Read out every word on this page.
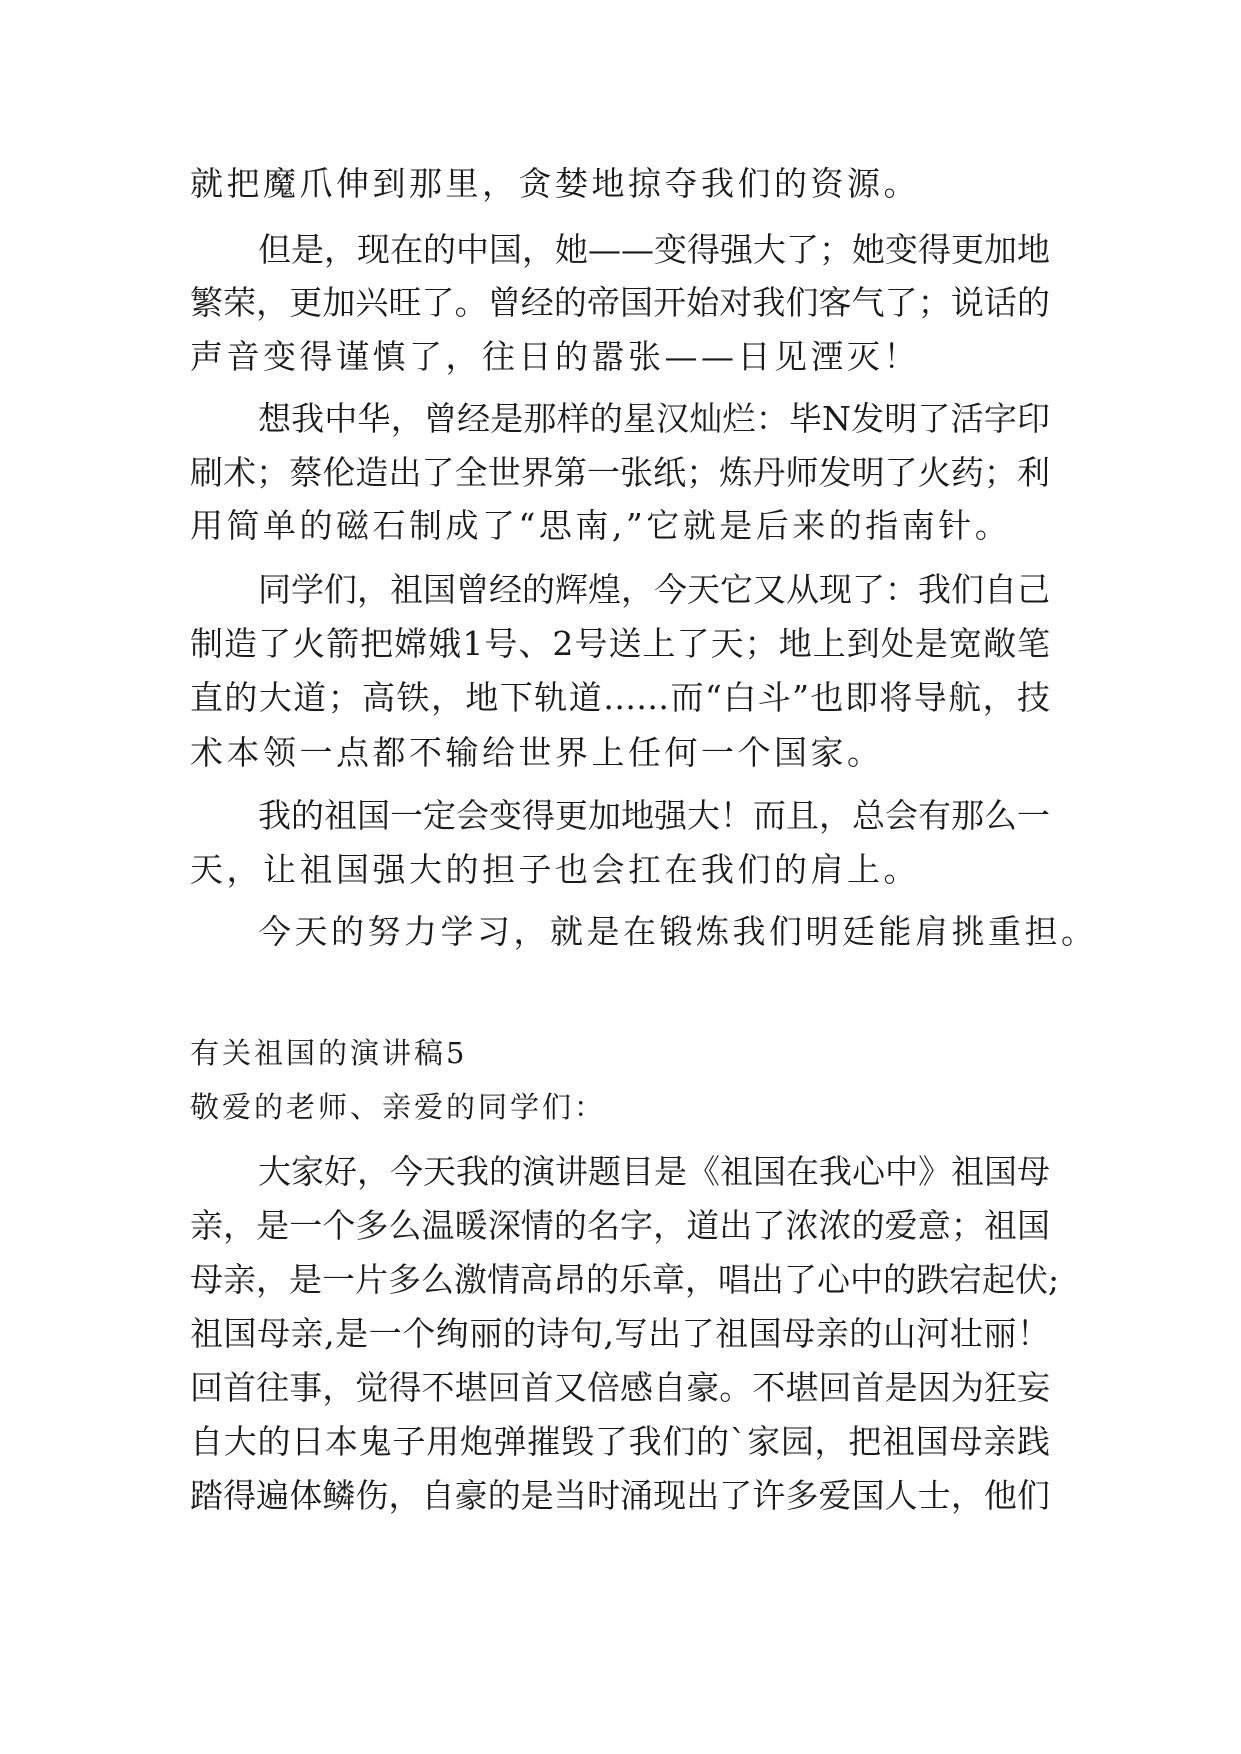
就把魔爪伸到那里，贪婪地掠夺我们的资源。
但是，现在的中国，她——变得强大了；她变得更加地
繁荣，更加兴旺了。曾经的帝国开始对我们客气了；说话的
声音变得谨慎了，往日的嚣张——日见湮灭！
想我中华，曾经是那样的星汉灿烂：毕N发明了活字印
刷术；蔡伦造出了全世界第一张纸；炼丹师发明了火药；利
用简单的磁石制成了“思南,”它就是后来的指南针。
同学们，祖国曾经的辉煌，今天它又从现了：我们自己
制造了火箭把嫦娥1号、2号送上了天；地上到处是宽敞笔
直的大道；高铁，地下轨道……而“白斗”也即将导航，技
术本领一点都不输给世界上任何一个国家。
我的祖国一定会变得更加地强大！而且，总会有那么一
天，让祖国强大的担子也会扛在我们的肩上。
今天的努力学习，就是在锻炼我们明廷能肩挑重担。
有关祖国的演讲稿5
敬爱的老师、亲爱的同学们：
大家好，今天我的演讲题目是《祖国在我心中》祖国母
亲，是一个多么温暖深情的名字，道出了浓浓的爱意；祖国
母亲，是一片多么激情高昂的乐章，唱出了心中的跌宕起伏;
祖国母亲,是一个绚丽的诗句,写出了祖国母亲的山河壮丽！
回首往事，觉得不堪回首又倍感自豪。不堪回首是因为狂妄
自大的日本鬼子用炮弹摧毁了我们的`家园，把祖国母亲践
踏得遍体鳞伤，自豪的是当时涌现出了许多爱国人士，他们
